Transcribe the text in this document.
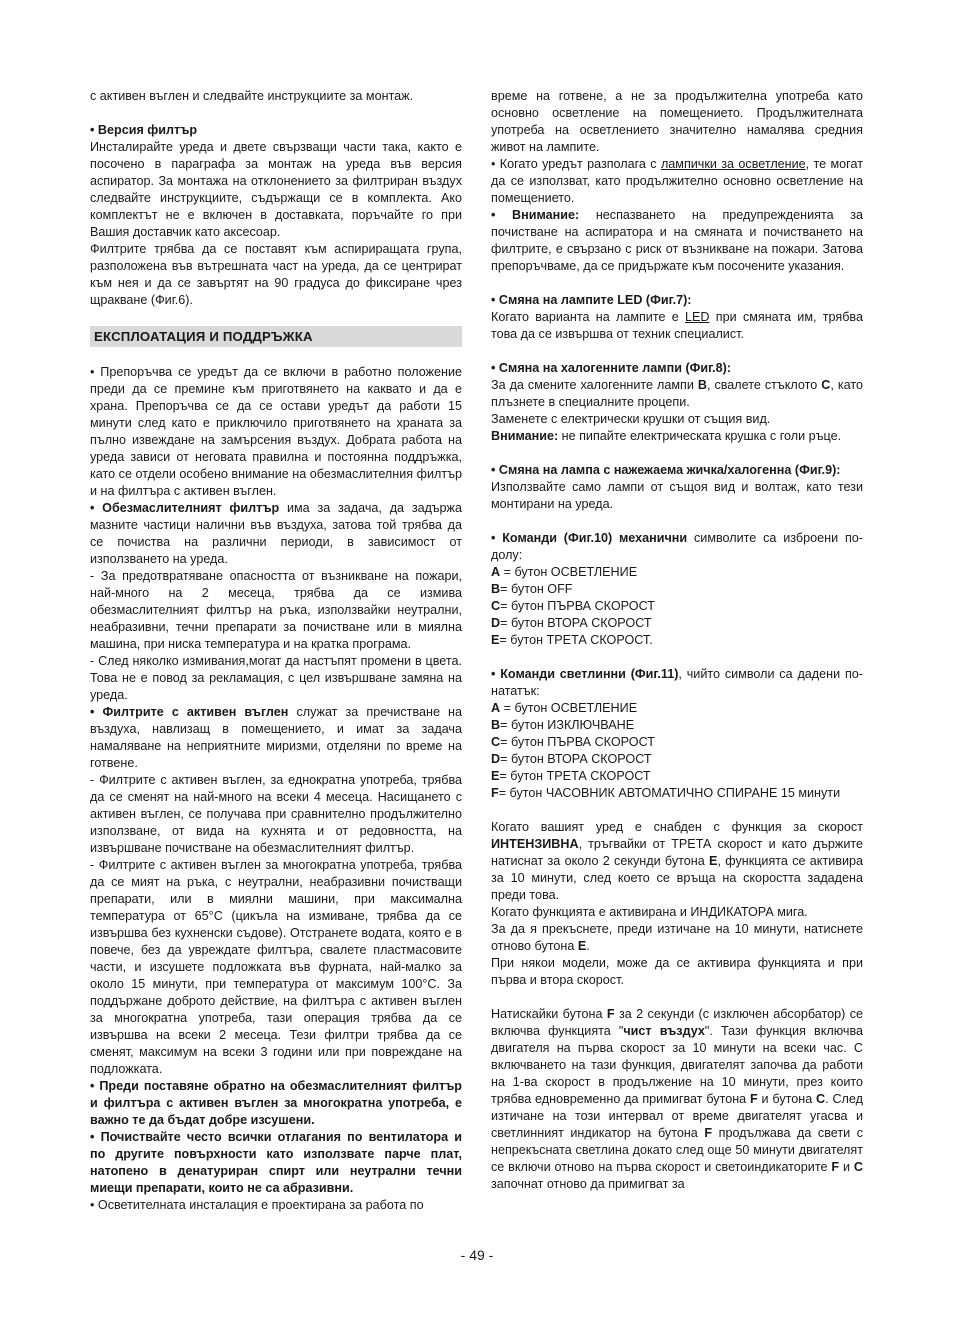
с активен въглен и следвайте инструкциите за монтаж.

• Версия филтър

Инсталирайте уреда и двете свързващи части така, както е посочено в параграфа за монтаж на уреда във версия аспиратор. За монтажа на отклонението за филтриран въздух следвайте инструкциите, съдържащи се в комплекта. Ако комплектът не е включен в доставката, поръчайте го при Вашия доставчик като аксесоар.

Филтрите трябва да се поставят към аспириращата група, разположена във вътрешната част на уреда, да се центрират към нея и да се завъртят на 90 градуса до фиксиране чрез щракване (Фиг.6).

ЕКСПЛОАТАЦИЯ И ПОДДРЪЖКА

• Препоръчва се уредът да се включи в работно положение преди да се премине към приготвянето на каквато и да е храна. Препоръчва се да се остави уредът да работи 15 минути след като е приключило приготвянето на храната за пълно извеждане на замърсения въздух. Добрата работа на уреда зависи от неговата правилна и постоянна поддръжка, като се отдели особено внимание на обезмаслителния филтър и на филтъра с активен въглен.

• Обезмаслителният филтър има за задача, да задържа мазните частици налични във въздуха, затова той трябва да се почиства на различни периоди, в зависимост от използването на уреда.

- За предотвратяване опасността от възникване на пожари, най-много на 2 месеца, трябва да се измива обезмаслителният филтър на ръка, използвайки неутрални, неабразивни, течни препарати за почистване или в миялна машина, при ниска температура и на кратка програма.

- След няколко измивания,могат да настъпят промени в цвета. Това не е повод за рекламация, с цел извършване замяна на уреда.

• Филтрите с активен въглен служат за пречистване на въздуха, навлизащ в помещението, и имат за задача намаляване на неприятните миризми, отделяни по време на готвене.

- Филтрите с активен въглен, за еднократна употреба, трябва да се сменят на най-много на всеки 4 месеца. Насищането с активен въглен, се получава при сравнително продължително използване, от вида на кухнята и от редовността, на извършване почистване на обезмаслителният филтър.

- Филтрите с активен въглен за многократна употреба, трябва да се мият на ръка, с неутрални, неабразивни почистващи препарати, или в миялни машини, при максимална температура от 65°C (цикъла на измиване, трябва да се извършва без кухненски съдове). Отстранете водата, която е в повече, без да увреждате филтъра, свалете пластмасовите части, и изсушете подложката във фурната, най-малко за около 15 минути, при температура от максимум 100°C. За поддържане доброто действие, на филтъра с активен въглен за многократна употреба, тази операция трябва да се извършва на всеки 2 месеца. Тези филтри трябва да се сменят, максимум на всеки 3 години или при повреждане на подложката.

• Преди поставяне обратно на обезмаслителният филтър и филтъра с активен въглен за многократна употреба, е важно те да бъдат добре изсушени.

• Почиствайте често всички отлагания по вентилатора и по другите повърхности като използвате парче плат, натопено в денатуриран спирт или неутрални течни миещи препарати, които не са абразивни.

• Осветителната инсталация е проектирана за работа по

време на готвене, а не за продължителна употреба като основно осветление на помещението. Продължителната употреба на осветлението значително намалява средния живот на лампите.

• Когато уредът разполага с лампички за осветление, те могат да се използват, като продължително основно осветление на помещението.

• Внимание: неспазването на предупрежденията за почистване на аспиратора и на смяната и почистването на филтрите, е свързано с риск от възникване на пожари. Затова препоръчваме, да се придържате към посочените указания.

• Смяна на лампите LED (Фиг.7):

Когато варианта на лампите е LED при смяната им, трябва това да се извършва от техник специалист.

• Смяна на халогенните лампи (Фиг.8):

За да смените халогенните лампи B, свалете стъклото C, като плъзнете в специалните процепи.

Заменете с електрически крушки от същия вид.

Внимание: не пипайте електрическата крушка с голи ръце.

• Смяна на лампа с нажежаема жичка/халогенна (Фиг.9):

Използвайте само лампи от същоя вид и волтаж, като тези монтирани на уреда.

• Команди (Фиг.10) механични символите са изброени по-долу:

A = бутон ОСВЕТЛЕНИЕ

B= бутон OFF

C= бутон ПЪРВА СКОРОСТ

D= бутон ВТОРА СКОРОСТ

E= бутон ТРЕТА СКОРОСТ.

• Команди светлинни (Фиг.11), чийто символи са дадени по-нататък:

A = бутон ОСВЕТЛЕНИЕ

B= бутон ИЗКЛЮЧВАНЕ

C= бутон ПЪРВА СКОРОСТ

D= бутон ВТОРА СКОРОСТ

E= бутон ТРЕТА СКОРОСТ

F= бутон ЧАСОВНИК АВТОМАТИЧНО СПИРАНЕ 15 минути

Когато вашият уред е снабден с функция за скорост ИНТЕНЗИВНА, тръгвайки от ТРЕТА скорост и като държите натиснат за около 2 секунди бутона E, функцията се активира за 10 минути, след което се връща на скоростта зададена преди това.

Когато функцията е активирана и ИНДИКАТОРА мига.

За да я прекъснете, преди изтичане на 10 минути, натиснете отново бутона E.

При някои модели, може да се активира функцията и при първа и втора скорост.

Натискайки бутона F за 2 секунди (с изключен абсорбатор) се включва функцията "чист въздух". Тази функция включва двигателя на първа скорост за 10 минути на всеки час. С включването на тази функция, двигателят започва да работи на 1-ва скорост в продължение на 10 минути, през които трябва едновременно да примигват бутона F и бутона C. След изтичане на този интервал от време двигателят угасва и светлинният индикатор на бутона F продължава да свети с непрекъсната светлина докато след още 50 минути двигателят се включи отново на първа скорост и светоиндикаторите F и C започнат отново да примигват за

- 49 -
